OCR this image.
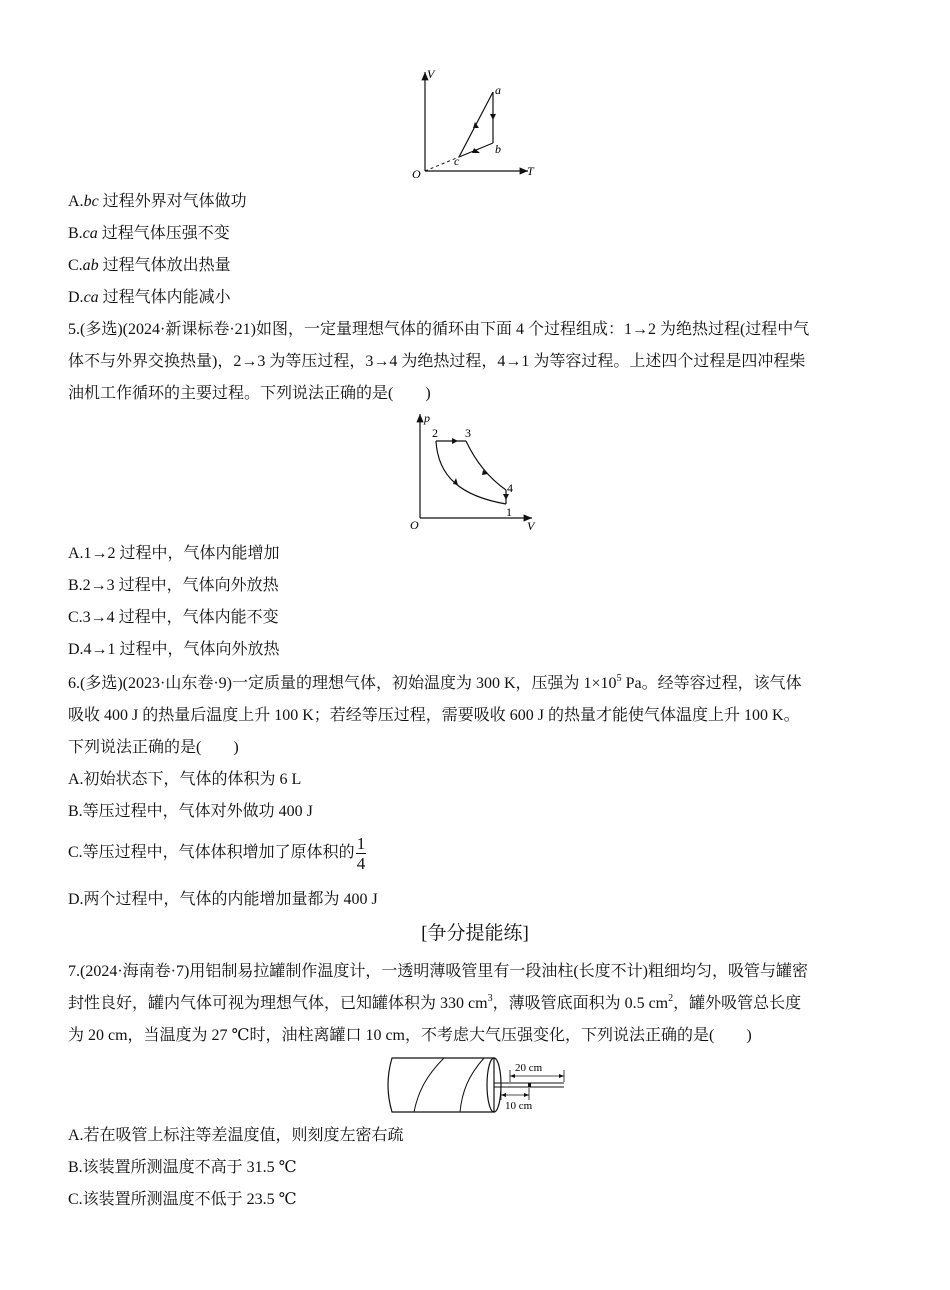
V
T
O
a
b
c
A.bc 过程外界对气体做功
B.ca 过程气体压强不变
C.ab 过程气体放出热量
D.ca 过程气体内能减小
5.(多选)(2024·新课标卷·21)如图，一定量理想气体的循环由下面 4 个过程组成：1→2 为绝热过程(过程中气
体不与外界交换热量)，2→3 为等压过程，3→4 为绝热过程，4→1 为等容过程。上述四个过程是四冲程柴
油机工作循环的主要过程。下列说法正确的是(　　)
p
V
O
2 3
4
1
A.1→2 过程中，气体内能增加
B.2→3 过程中，气体向外放热
C.3→4 过程中，气体内能不变
D.4→1 过程中，气体向外放热
6.(多选)(2023·山东卷·9)一定质量的理想气体，初始温度为 300 K，压强为 $1\times 10^5$ Pa。经等容过程，该气体
吸收 400 J 的热量后温度上升 100 K；若经等压过程，需要吸收 600 J 的热量才能使气体温度上升 100 K。
下列说法正确的是(　　)
A.初始状态下，气体的体积为 6 L
B.等压过程中，气体对外做功 400 J
C.等压过程中，气体体积增加了原体积的 $\frac{1}{4}$
D.两个过程中，气体的内能增加量都为 400 J
[争分提能练]
7.(2024·海南卷·7)用铝制易拉罐制作温度计，一透明薄吸管里有一段油柱(长度不计)粗细均匀，吸管与罐密
封性良好，罐内气体可视为理想气体，已知罐体积为 330 $cm^3$，薄吸管底面积为 0.5 $cm^2$，罐外吸管总长度
为 20 cm，当温度为 27 ℃时，油柱离罐口 10 cm，不考虑大气压强变化，下列说法正确的是(　　)
20 cm
10 cm
A.若在吸管上标注等差温度值，则刻度左密右疏
B.该装置所测温度不高于 31.5 ℃
C.该装置所测温度不低于 23.5 ℃
